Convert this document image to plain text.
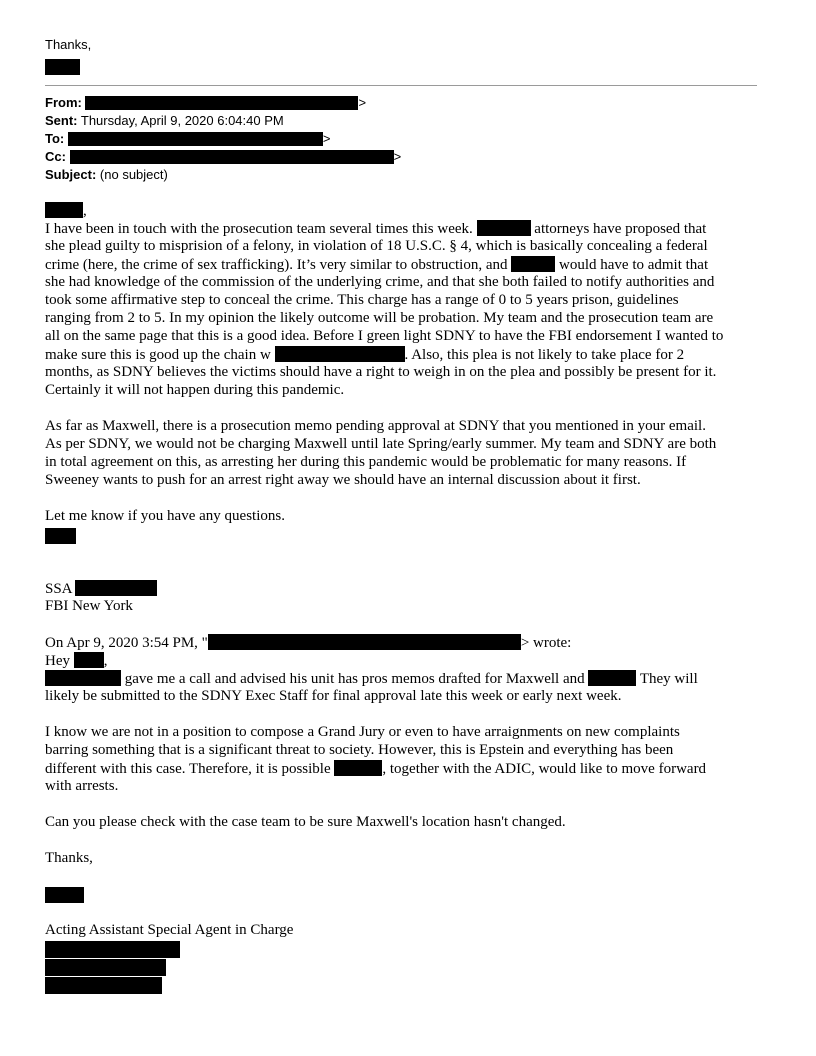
Thanks,
From:	>
Sent: Thursday, April 9, 2020 6:04:40 PM
To:	>
Cc:	>
Subject: (no subject)
,
I have been in touch with the prosecution team several times this week.	attorneys have proposed that
she plead guilty to misprision of a felony, in violation of 18 U.S.C. § 4, which is basically concealing a federal
crime (here, the crime of sex trafficking). It’s very similar to obstruction, and	would have to admit that
she had knowledge of the commission of the underlying crime, and that she both failed to notify authorities and
took some affirmative step to conceal the crime. This charge has a range of 0 to 5 years prison, guidelines
ranging from 2 to 5. In my opinion the likely outcome will be probation. My team and the prosecution team are
all on the same page that this is a good idea. Before I green light SDNY to have the FBI endorsement I wanted to
make sure this is good up the chain w	. Also, this plea is not likely to take place for 2
months, as SDNY believes the victims should have a right to weigh in on the plea and possibly be present for it.
Certainly it will not happen during this pandemic.
As far as Maxwell, there is a prosecution memo pending approval at SDNY that you mentioned in your email.
As per SDNY, we would not be charging Maxwell until late Spring/early summer. My team and SDNY are both
in total agreement on this, as arresting her during this pandemic would be problematic for many reasons. If
Sweeney wants to push for an arrest right away we should have an internal discussion about it first.
Let me know if you have any questions.
SSA
FBI New York
On Apr 9, 2020 3:54 PM, "	> wrote:
Hey ,
gave me a call and advised his unit has pros memos drafted for Maxwell and	They will
likely be submitted to the SDNY Exec Staff for final approval late this week or early next week.
I know we are not in a position to compose a Grand Jury or even to have arraignments on new complaints
barring something that is a significant threat to society. However, this is Epstein and everything has been
different with this case. Therefore, it is possible	, together with the ADIC, would like to move forward
with arrests.
Can you please check with the case team to be sure Maxwell's location hasn't changed.
Thanks,
Acting Assistant Special Agent in Charge
